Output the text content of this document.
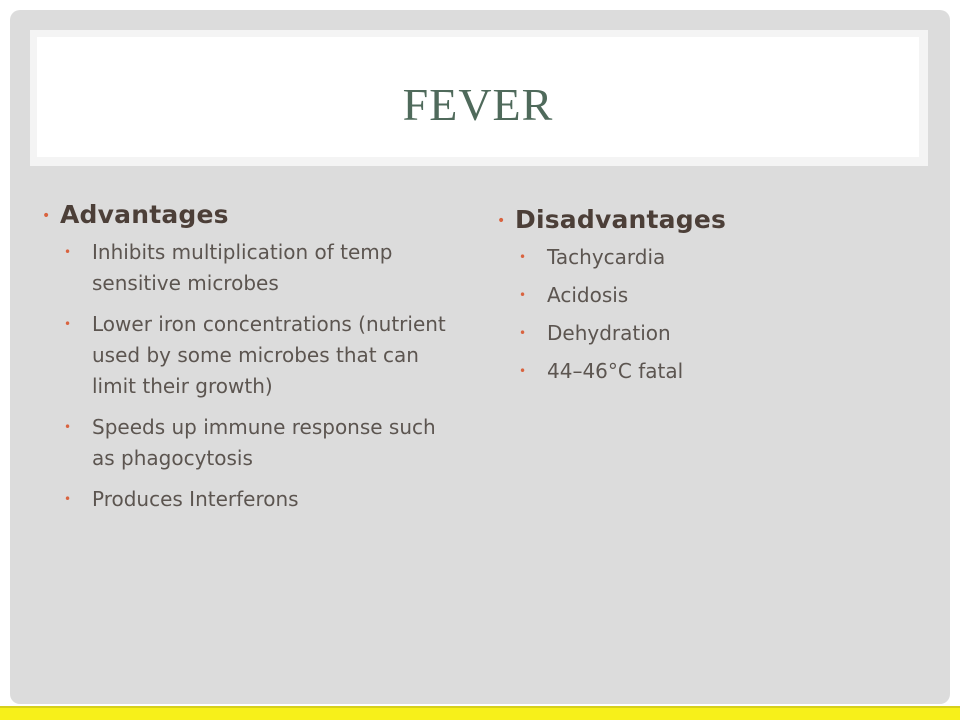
FEVER
• Advantages
•	Inhibits multiplication of temp sensitive microbes
•	Lower iron concentrations (nutrient used by some microbes that can limit their growth)
•	Speeds up immune response such as phagocytosis
•	Produces Interferons
• Disadvantages
•	Tachycardia
•	Acidosis
•	Dehydration
•	44–46°C fatal
